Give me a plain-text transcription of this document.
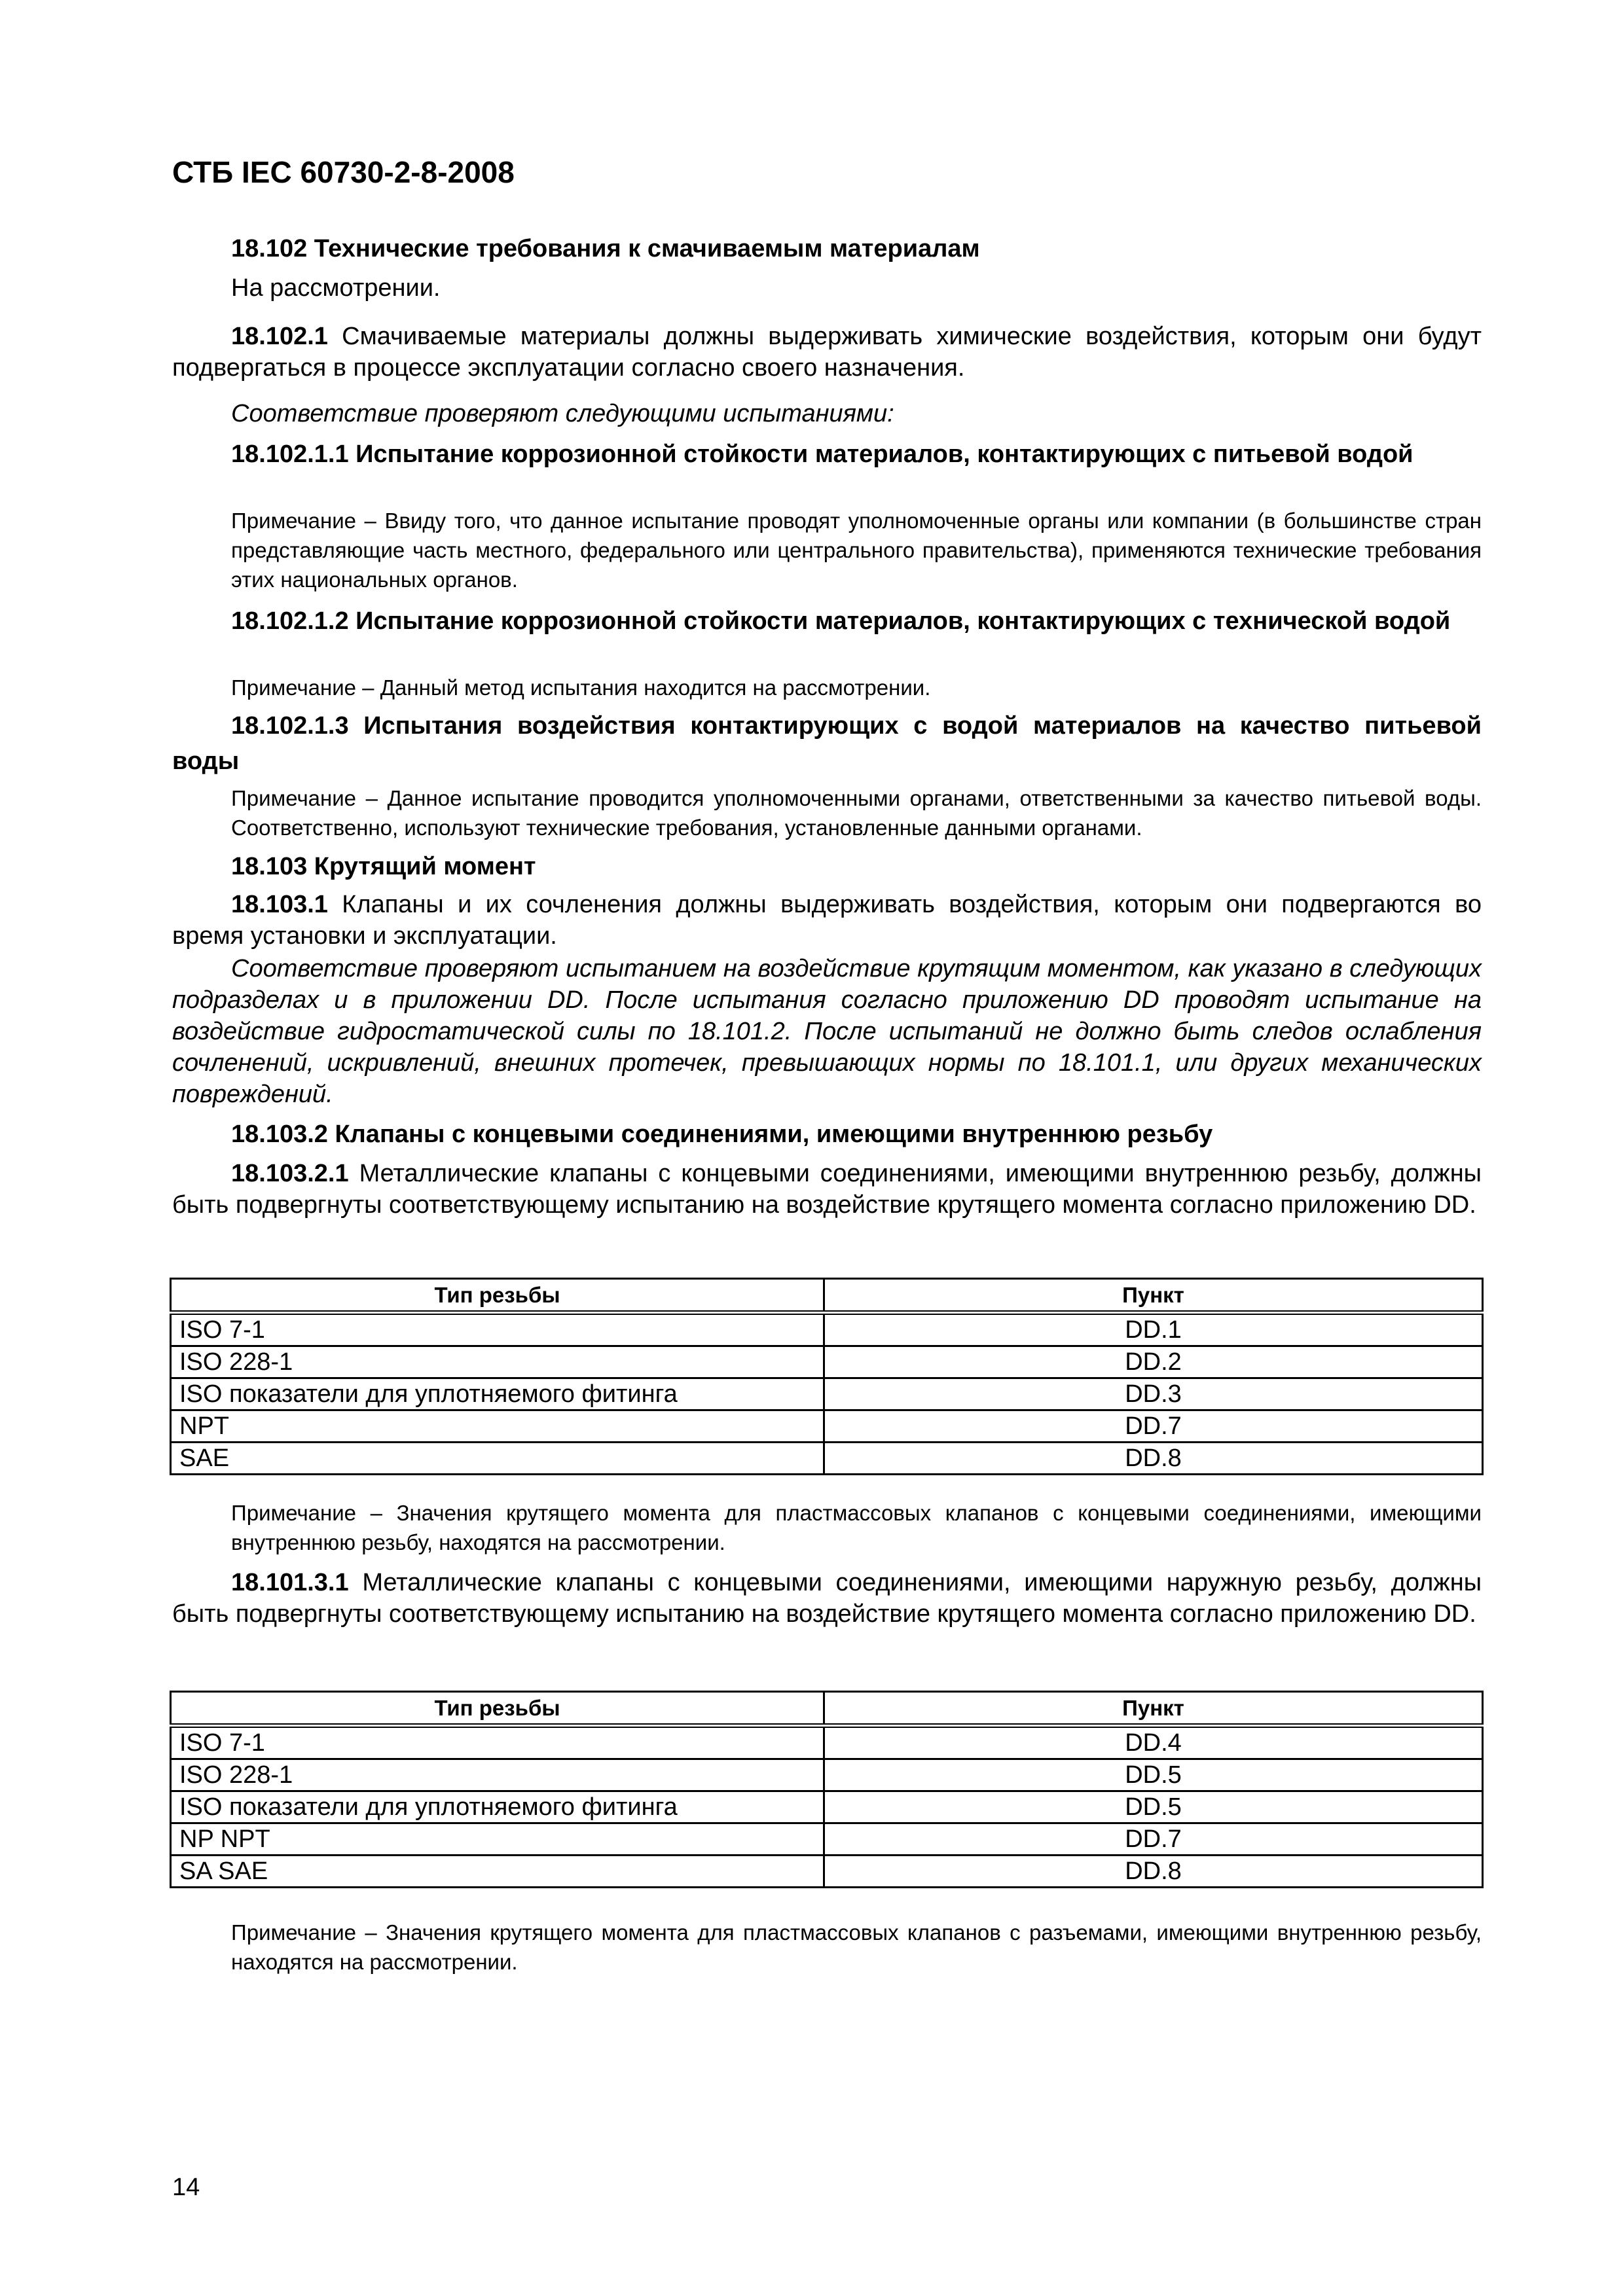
СТБ IEC 60730-2-8-2008
18.102 Технические требования к смачиваемым материалам
На рассмотрении.
18.102.1 Смачиваемые материалы должны выдерживать химические воздействия, которым они будут подвергаться в процессе эксплуатации согласно своего назначения.
Соответствие проверяют следующими испытаниями:
18.102.1.1 Испытание коррозионной стойкости материалов, контактирующих с питьевой водой
Примечание – Ввиду того, что данное испытание проводят уполномоченные органы или компании (в большинстве стран представляющие часть местного, федерального или центрального правительства), применяются технические требования этих национальных органов.
18.102.1.2 Испытание коррозионной стойкости материалов, контактирующих с технической водой
Примечание – Данный метод испытания находится на рассмотрении.
18.102.1.3 Испытания воздействия контактирующих с водой материалов на качество питьевой воды
Примечание – Данное испытание проводится уполномоченными органами, ответственными за качество питьевой воды. Соответственно, используют технические требования, установленные данными органами.
18.103 Крутящий момент
18.103.1 Клапаны и их сочленения должны выдерживать воздействия, которым они подвергаются во время установки и эксплуатации.
Соответствие проверяют испытанием на воздействие крутящим моментом, как указано в следующих подразделах и в приложении DD. После испытания согласно приложению DD проводят испытание на воздействие гидростатической силы по 18.101.2. После испытаний не должно быть следов ослабления сочленений, искривлений, внешних протечек, превышающих нормы по 18.101.1, или других механических повреждений.
18.103.2 Клапаны с концевыми соединениями, имеющими внутреннюю резьбу
18.103.2.1 Металлические клапаны с концевыми соединениями, имеющими внутреннюю резьбу, должны быть подвергнуты соответствующему испытанию на воздействие крутящего момента согласно приложению DD.
Тип резьбы	Пункт
ISO 7-1	DD.1
ISO 228-1	DD.2
ISO показатели для уплотняемого фитинга	DD.3
NPT	DD.7
SAE	DD.8
Примечание – Значения крутящего момента для пластмассовых клапанов с концевыми соединениями, имеющими внутреннюю резьбу, находятся на рассмотрении.
18.101.3.1 Металлические клапаны с концевыми соединениями, имеющими наружную резьбу, должны быть подвергнуты соответствующему испытанию на воздействие крутящего момента согласно приложению DD.
Тип резьбы	Пункт
ISO 7-1	DD.4
ISO 228-1	DD.5
ISO показатели для уплотняемого фитинга	DD.5
NP NPT	DD.7
SA SAE	DD.8
Примечание – Значения крутящего момента для пластмассовых клапанов с разъемами, имеющими внутреннюю резьбу, находятся на рассмотрении.
14
